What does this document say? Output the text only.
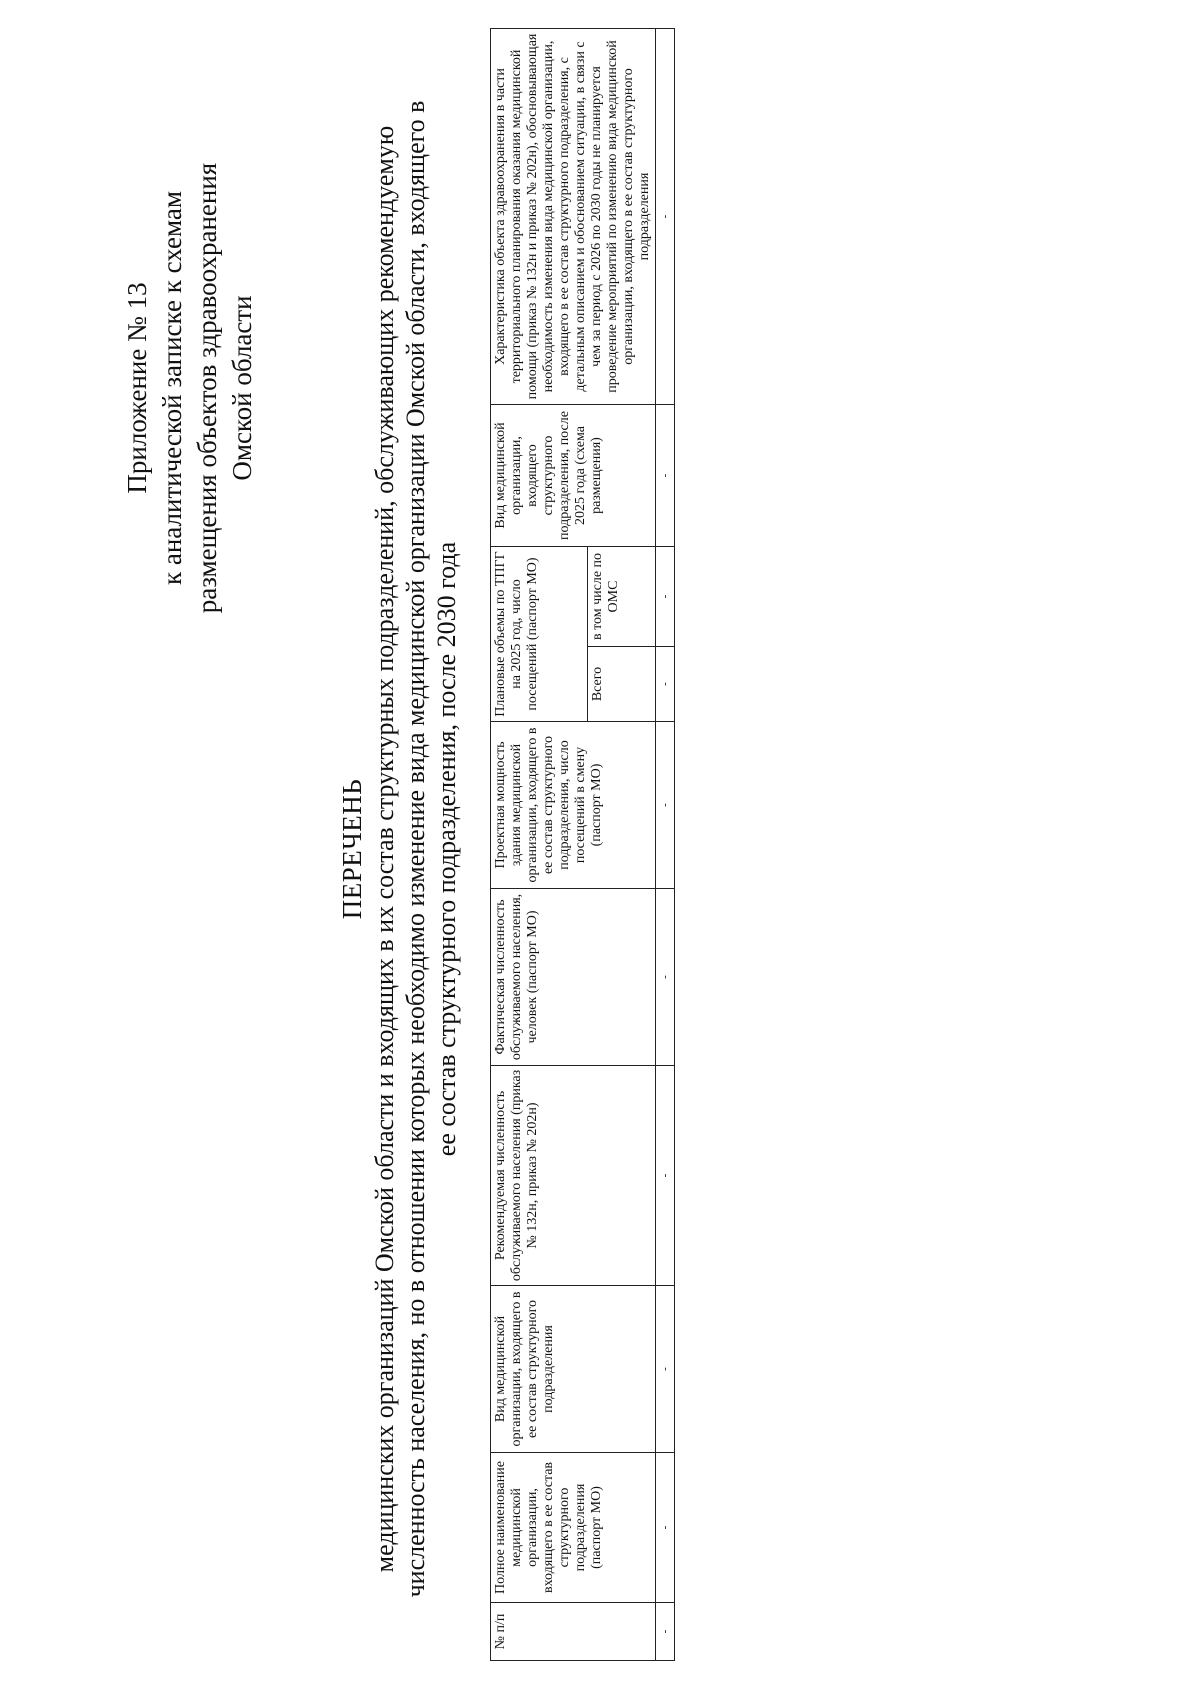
Приложение № 13 к аналитической записке к схемам размещения объектов здравоохранения Омской области
ПЕРЕЧЕНЬ медицинских организаций Омской области и входящих в их состав структурных подразделений, обслуживающих рекомендуемую численность населения, но в отношении которых необходимо изменение вида медицинской организации Омской области, входящего в ее состав структурного подразделения, после 2030 года
№ п/п	Полное наименование медицинской организации, входящего в ее состав структурного подразделения (паспорт МО)	Вид медицинской организации, входящего в ее состав структурного подразделения	Рекомендуемая численность обслуживаемого населения (приказ № 132н, приказ № 202н)	Фактическая численность обслуживаемого населения, человек (паспорт МО)	Проектная мощность здания медицинской организации, входящего в ее состав структурного подразделения, число посещений в смену (паспорт МО)	Плановые объемы по ТПГГ на 2025 год, число посещений (паспорт МО)		Вид медицинской организации, входящего структурного подразделения, после 2025 года (схема размещения)	Характеристика объекта здравоохранения в части территориального планирования оказания медицинской помощи (приказ № 132н и приказ № 202н), обосновывающая необходимость изменения вида медицинской организации, входящего в ее состав структурного подразделения, с детальным описанием и обоснованием ситуации, в связи с чем за период с 2026 по 2030 годы не планируется проведение мероприятий по изменению вида медицинской организации, входящего в ее состав структурного подразделения
						Всего	в том числе по ОМС		
-	-	-	-	-	-	-	-	-	-
